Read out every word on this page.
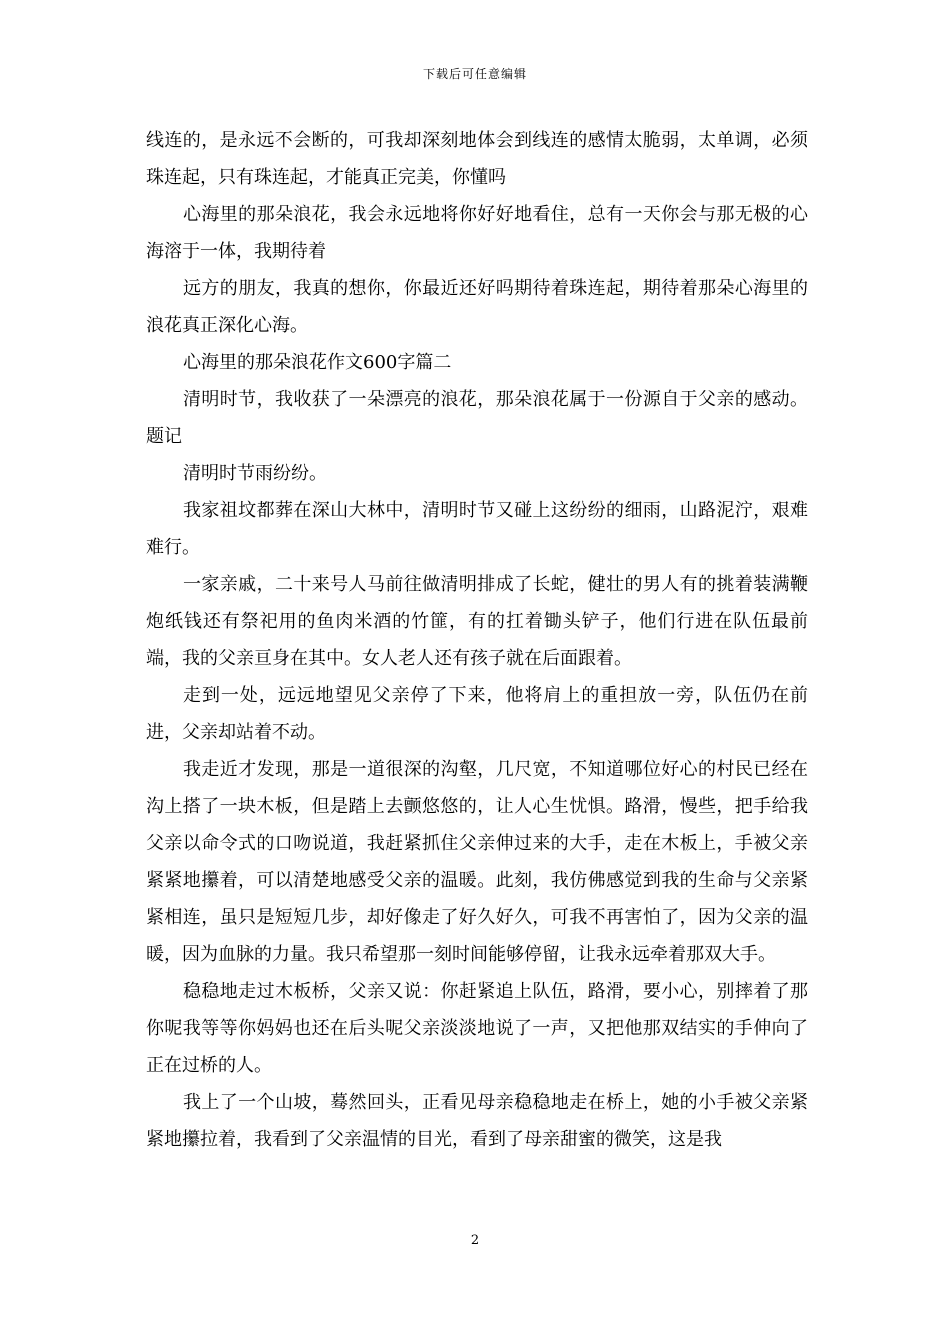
下载后可任意编辑

线连的，是永远不会断的，可我却深刻地体会到线连的感情太脆弱，太单调，必须珠连起，只有珠连起，才能真正完美，你懂吗

心海里的那朵浪花，我会永远地将你好好地看住，总有一天你会与那无极的心海溶于一体，我期待着

远方的朋友，我真的想你，你最近还好吗期待着珠连起，期待着那朵心海里的浪花真正深化心海。

心海里的那朵浪花作文600字篇二

清明时节，我收获了一朵漂亮的浪花，那朵浪花属于一份源自于父亲的感动。题记

清明时节雨纷纷。

我家祖坟都葬在深山大林中，清明时节又碰上这纷纷的细雨，山路泥泞，艰难难行。

一家亲戚，二十来号人马前往做清明排成了长蛇，健壮的男人有的挑着装满鞭炮纸钱还有祭祀用的鱼肉米酒的竹篚，有的扛着锄头铲子，他们行进在队伍最前端，我的父亲亘身在其中。女人老人还有孩子就在后面跟着。

走到一处，远远地望见父亲停了下来，他将肩上的重担放一旁，队伍仍在前进，父亲却站着不动。

我走近才发现，那是一道很深的沟壑，几尺宽，不知道哪位好心的村民已经在沟上搭了一块木板，但是踏上去颤悠悠的，让人心生忧惧。路滑，慢些，把手给我父亲以命令式的口吻说道，我赶紧抓住父亲伸过来的大手，走在木板上，手被父亲紧紧地攥着，可以清楚地感受父亲的温暖。此刻，我仿佛感觉到我的生命与父亲紧紧相连，虽只是短短几步，却好像走了好久好久，可我不再害怕了，因为父亲的温暖，因为血脉的力量。我只希望那一刻时间能够停留，让我永远牵着那双大手。

稳稳地走过木板桥，父亲又说：你赶紧追上队伍，路滑，要小心，别摔着了那你呢我等等你妈妈也还在后头呢父亲淡淡地说了一声，又把他那双结实的手伸向了正在过桥的人。

我上了一个山坡，蓦然回头，正看见母亲稳稳地走在桥上，她的小手被父亲紧紧地攥拉着，我看到了父亲温情的目光，看到了母亲甜蜜的微笑，这是我

2
